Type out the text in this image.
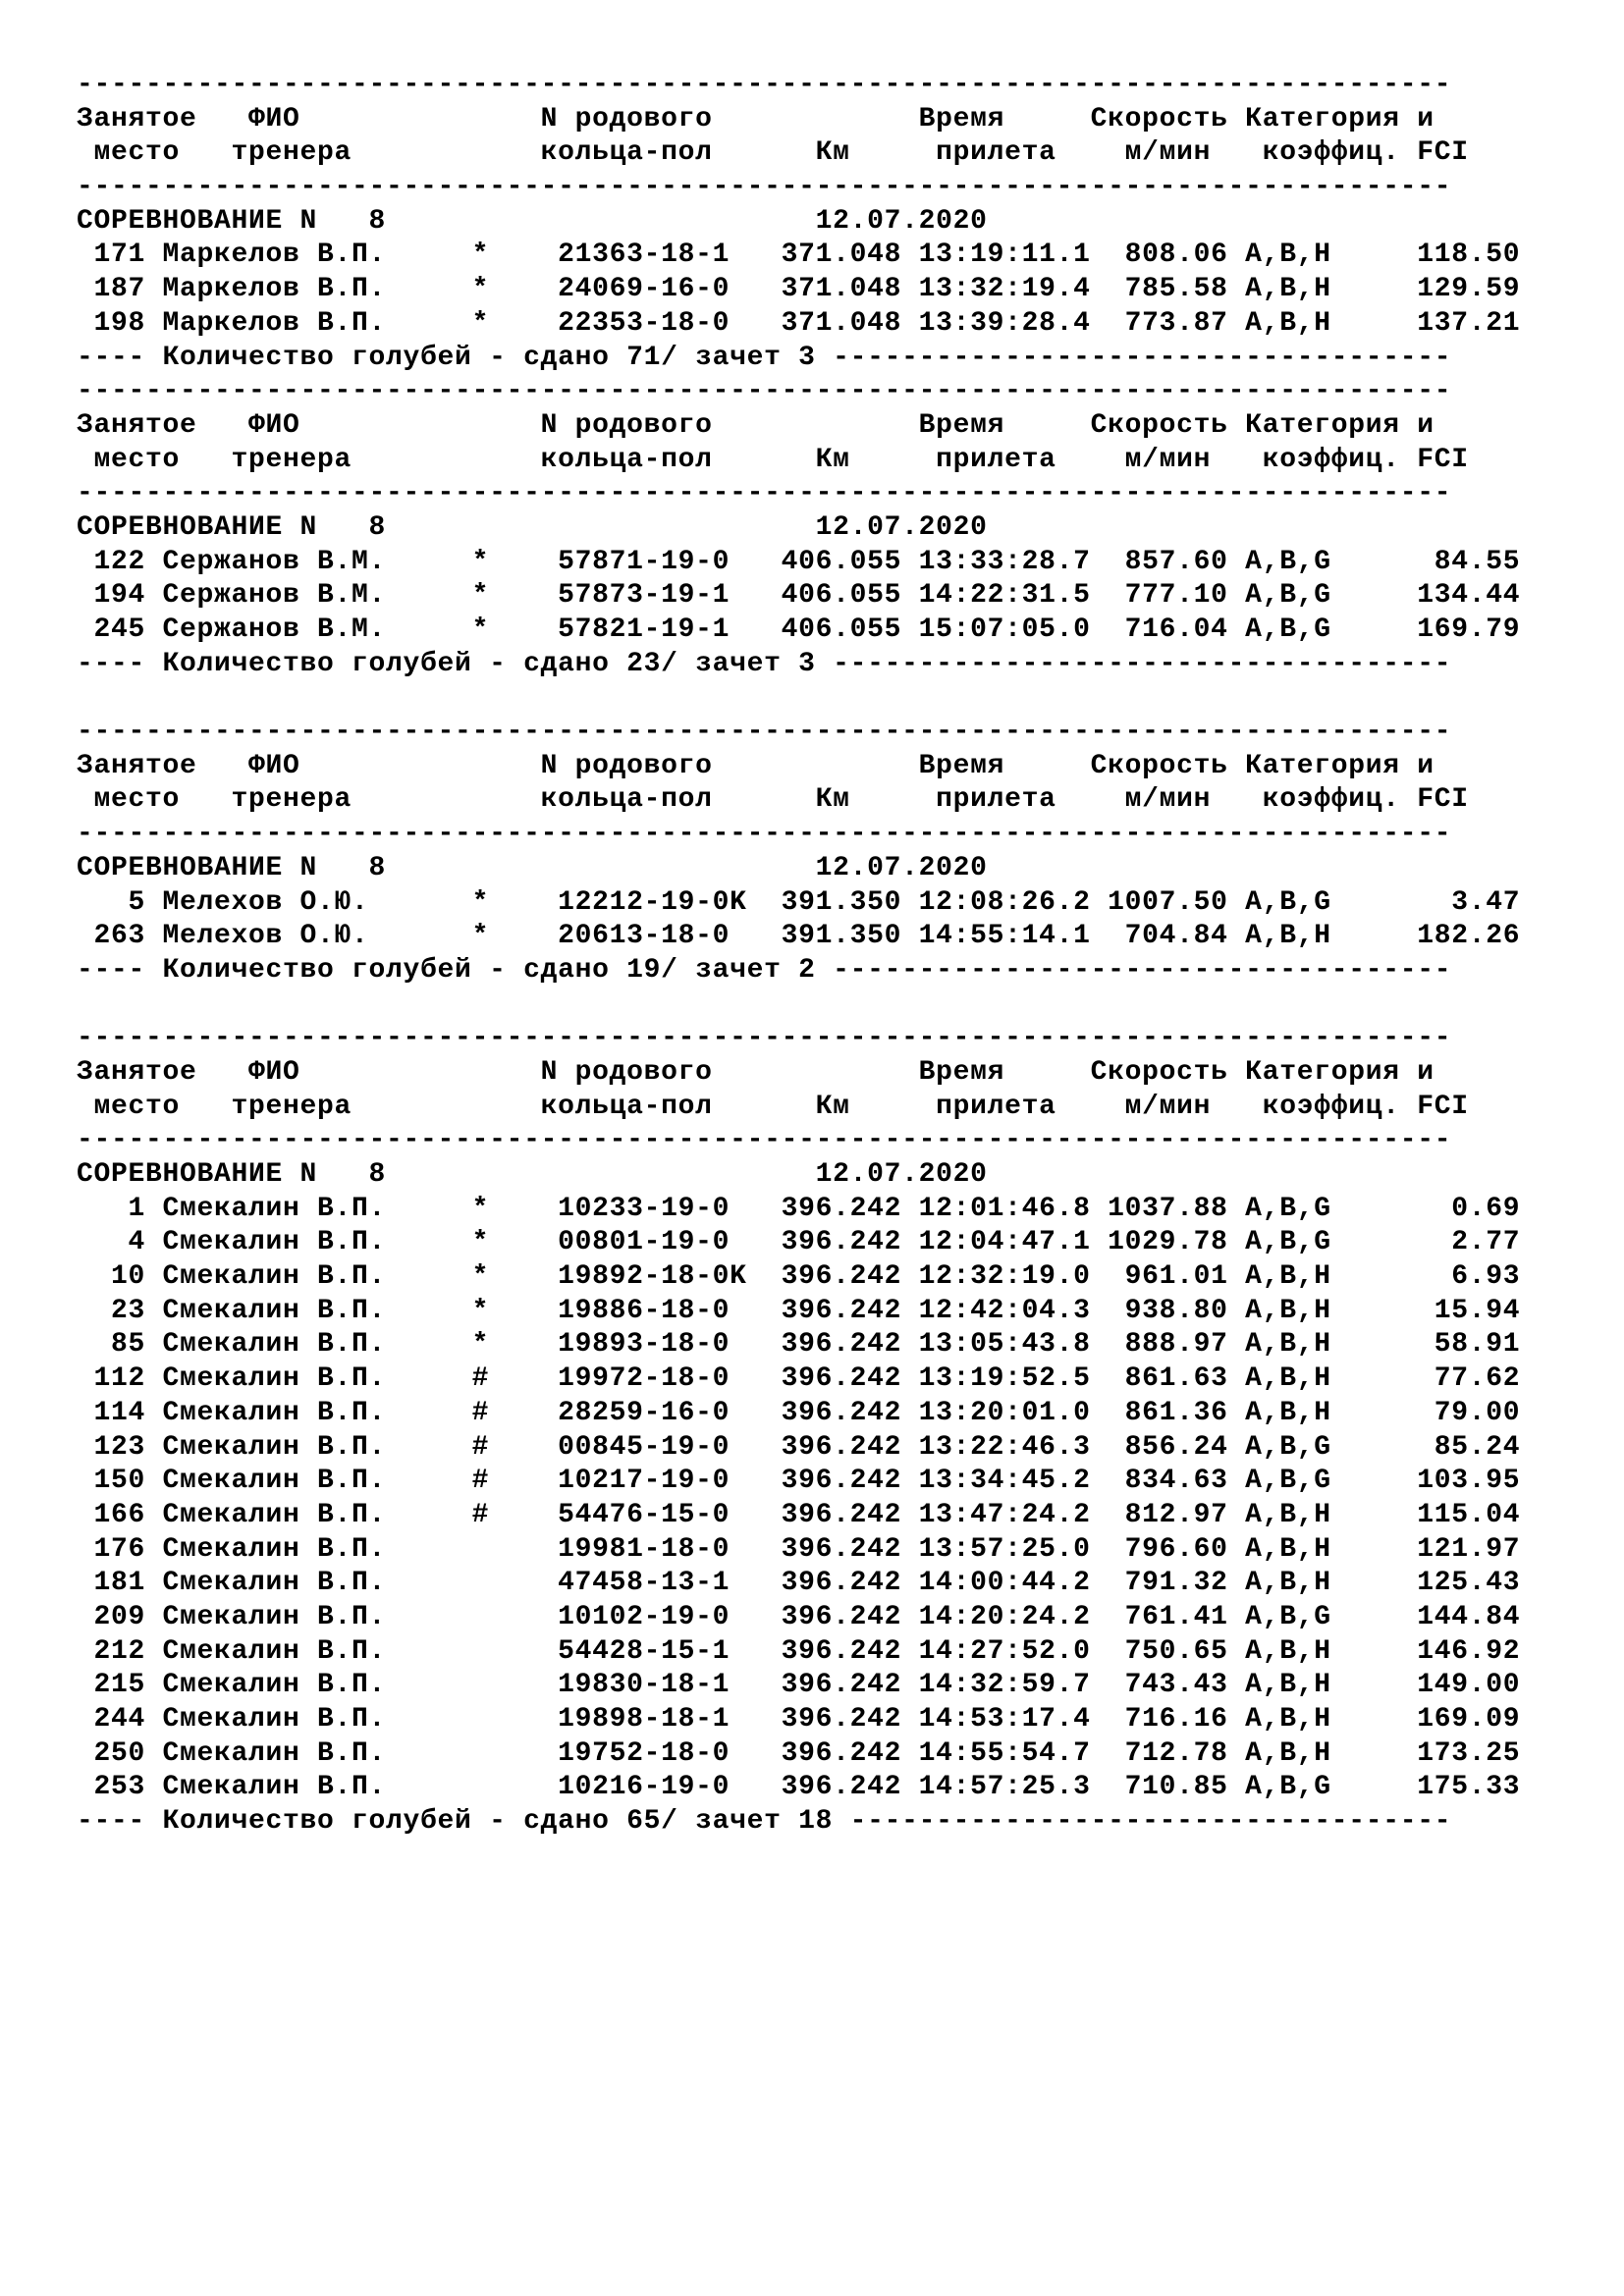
--------------------------------------------------------------------------------
Занятое   ФИО              N родового            Время     Скорость Категория и
место   тренера           кольца-пол      Км     прилета    м/мин   коэффиц. FCI
--------------------------------------------------------------------------------
СОРЕВНОВАНИЕ N   8                         12.07.2020
171 Маркелов В.П.     *    21363-18-1   371.048 13:19:11.1  808.06 A,B,H     118.50
187 Маркелов В.П.     *    24069-16-0   371.048 13:32:19.4  785.58 A,B,H     129.59
198 Маркелов В.П.     *    22353-18-0   371.048 13:39:28.4  773.87 A,B,H     137.21
---- Количество голубей - сдано 71/ зачет 3 ------------------------------------
--------------------------------------------------------------------------------
Занятое   ФИО              N родового            Время     Скорость Категория и
место   тренера           кольца-пол      Км     прилета    м/мин   коэффиц. FCI
--------------------------------------------------------------------------------
СОРЕВНОВАНИЕ N   8                         12.07.2020
122 Сержанов В.М.     *    57871-19-0   406.055 13:33:28.7  857.60 A,B,G      84.55
194 Сержанов В.М.     *    57873-19-1   406.055 14:22:31.5  777.10 A,B,G     134.44
245 Сержанов В.М.     *    57821-19-1   406.055 15:07:05.0  716.04 A,B,G     169.79
---- Количество голубей - сдано 23/ зачет 3 ------------------------------------
--------------------------------------------------------------------------------
Занятое   ФИО              N родового            Время     Скорость Категория и
место   тренера           кольца-пол      Км     прилета    м/мин   коэффиц. FCI
--------------------------------------------------------------------------------
СОРЕВНОВАНИЕ N   8                         12.07.2020
5 Мелехов О.Ю.      *    12212-19-0K  391.350 12:08:26.2 1007.50 A,B,G       3.47
263 Мелехов О.Ю.      *    20613-18-0   391.350 14:55:14.1  704.84 A,B,H     182.26
---- Количество голубей - сдано 19/ зачет 2 ------------------------------------
--------------------------------------------------------------------------------
Занятое   ФИО              N родового            Время     Скорость Категория и
место   тренера           кольца-пол      Км     прилета    м/мин   коэффиц. FCI
--------------------------------------------------------------------------------
СОРЕВНОВАНИЕ N   8                         12.07.2020
1 Смекалин В.П.     *    10233-19-0   396.242 12:01:46.8 1037.88 A,B,G       0.69
4 Смекалин В.П.     *    00801-19-0   396.242 12:04:47.1 1029.78 A,B,G       2.77
10 Смекалин В.П.     *    19892-18-0K  396.242 12:32:19.0  961.01 A,B,H       6.93
23 Смекалин В.П.     *    19886-18-0   396.242 12:42:04.3  938.80 A,B,H      15.94
85 Смекалин В.П.     *    19893-18-0   396.242 13:05:43.8  888.97 A,B,H      58.91
112 Смекалин В.П.     #    19972-18-0   396.242 13:19:52.5  861.63 A,B,H      77.62
114 Смекалин В.П.     #    28259-16-0   396.242 13:20:01.0  861.36 A,B,H      79.00
123 Смекалин В.П.     #    00845-19-0   396.242 13:22:46.3  856.24 A,B,G      85.24
150 Смекалин В.П.     #    10217-19-0   396.242 13:34:45.2  834.63 A,B,G     103.95
166 Смекалин В.П.     #    54476-15-0   396.242 13:47:24.2  812.97 A,B,H     115.04
176 Смекалин В.П.          19981-18-0   396.242 13:57:25.0  796.60 A,B,H     121.97
181 Смекалин В.П.          47458-13-1   396.242 14:00:44.2  791.32 A,B,H     125.43
209 Смекалин В.П.          10102-19-0   396.242 14:20:24.2  761.41 A,B,G     144.84
212 Смекалин В.П.          54428-15-1   396.242 14:27:52.0  750.65 A,B,H     146.92
215 Смекалин В.П.          19830-18-1   396.242 14:32:59.7  743.43 A,B,H     149.00
244 Смекалин В.П.          19898-18-1   396.242 14:53:17.4  716.16 A,B,H     169.09
250 Смекалин В.П.          19752-18-0   396.242 14:55:54.7  712.78 A,B,H     173.25
253 Смекалин В.П.          10216-19-0   396.242 14:57:25.3  710.85 A,B,G     175.33
---- Количество голубей - сдано 65/ зачет 18 -----------------------------------
